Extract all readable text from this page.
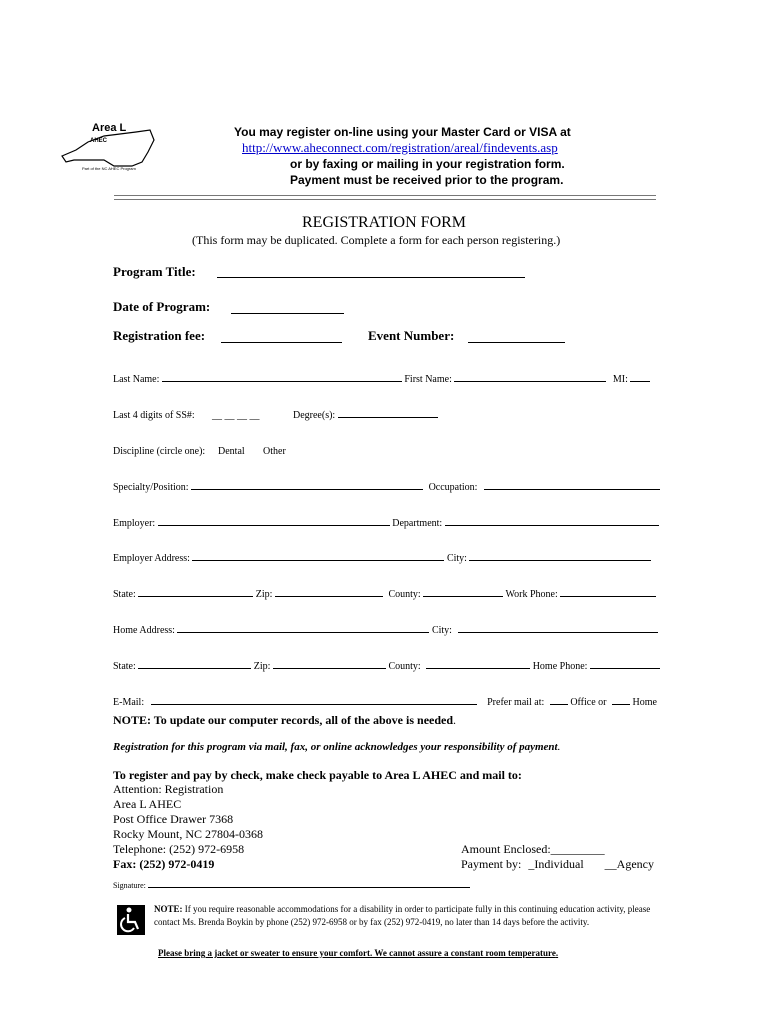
Area L
AHEC
Part of the NC AHEC Program
You may register on-line using your Master Card or VISA at
http://www.aheconnect.com/registration/areal/findevents.asp
or by faxing or mailing in your registration form.
Payment must be received prior to the program.
REGISTRATION FORM
(This form may be duplicated. Complete a form for each person registering.)
Program Title:
Date of Program:
Registration fee:	Event Number:
Last Name:	First Name:	MI:
Last 4 digits of SS#: __ __ __ __	Degree(s):
Discipline (circle one): Dental Other
Specialty/Position:	Occupation:
Employer:	Department:
Employer Address:	City:
State:	Zip:	County:	Work Phone:
Home Address:	City:
State:	Zip:	County:	Home Phone:
E-Mail:	Prefer mail at:	Office or	Home
NOTE: To update our computer records, all of the above is needed.
Registration for this program via mail, fax, or online acknowledges your responsibility of payment.
To register and pay by check, make check payable to Area L AHEC and mail to:
Attention: Registration
Area L AHEC
Post Office Drawer 7368
Rocky Mount, NC 27804-0368
Telephone: (252) 972-6958
Fax: (252) 972-0419
Amount Enclosed:_________
Payment by: _Individual __Agency
Signature:
NOTE: If you require reasonable accommodations for a disability in order to participate fully in this continuing education activity, please contact Ms. Brenda Boykin by phone (252) 972-6958 or by fax (252) 972-0419, no later than 14 days before the activity.
Please bring a jacket or sweater to ensure your comfort. We cannot assure a constant room temperature.
